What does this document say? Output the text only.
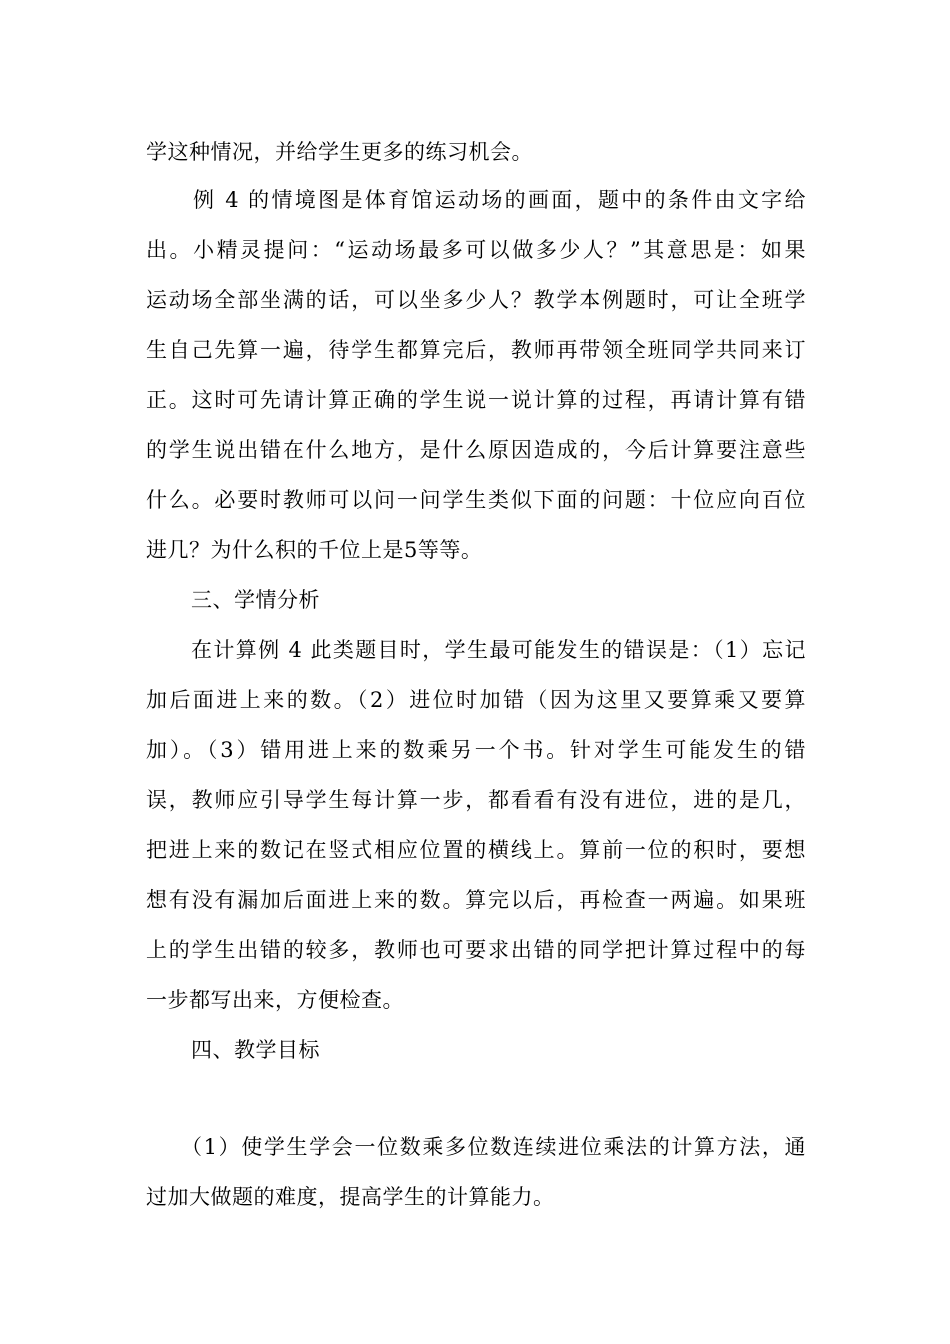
学这种情况，并给学生更多的练习机会。
例 4 的情境图是体育馆运动场的画面，题中的条件由文字给
出。小精灵提问：“运动场最多可以做多少人？”其意思是：如果
运动场全部坐满的话，可以坐多少人？教学本例题时，可让全班学
生自己先算一遍，待学生都算完后，教师再带领全班同学共同来订
正。这时可先请计算正确的学生说一说计算的过程，再请计算有错
的学生说出错在什么地方，是什么原因造成的，今后计算要注意些
什么。必要时教师可以问一问学生类似下面的问题：十位应向百位
进几？为什么积的千位上是5等等。
三、学情分析
在计算例 4 此类题目时，学生最可能发生的错误是：（1）忘记
加后面进上来的数。（2）进位时加错（因为这里又要算乘又要算
加）。（3）错用进上来的数乘另一个书。针对学生可能发生的错
误，教师应引导学生每计算一步，都看看有没有进位，进的是几，
把进上来的数记在竖式相应位置的横线上。算前一位的积时，要想
想有没有漏加后面进上来的数。算完以后，再检查一两遍。如果班
上的学生出错的较多，教师也可要求出错的同学把计算过程中的每
一步都写出来，方便检查。
四、教学目标
（1）使学生学会一位数乘多位数连续进位乘法的计算方法，通
过加大做题的难度，提高学生的计算能力。
